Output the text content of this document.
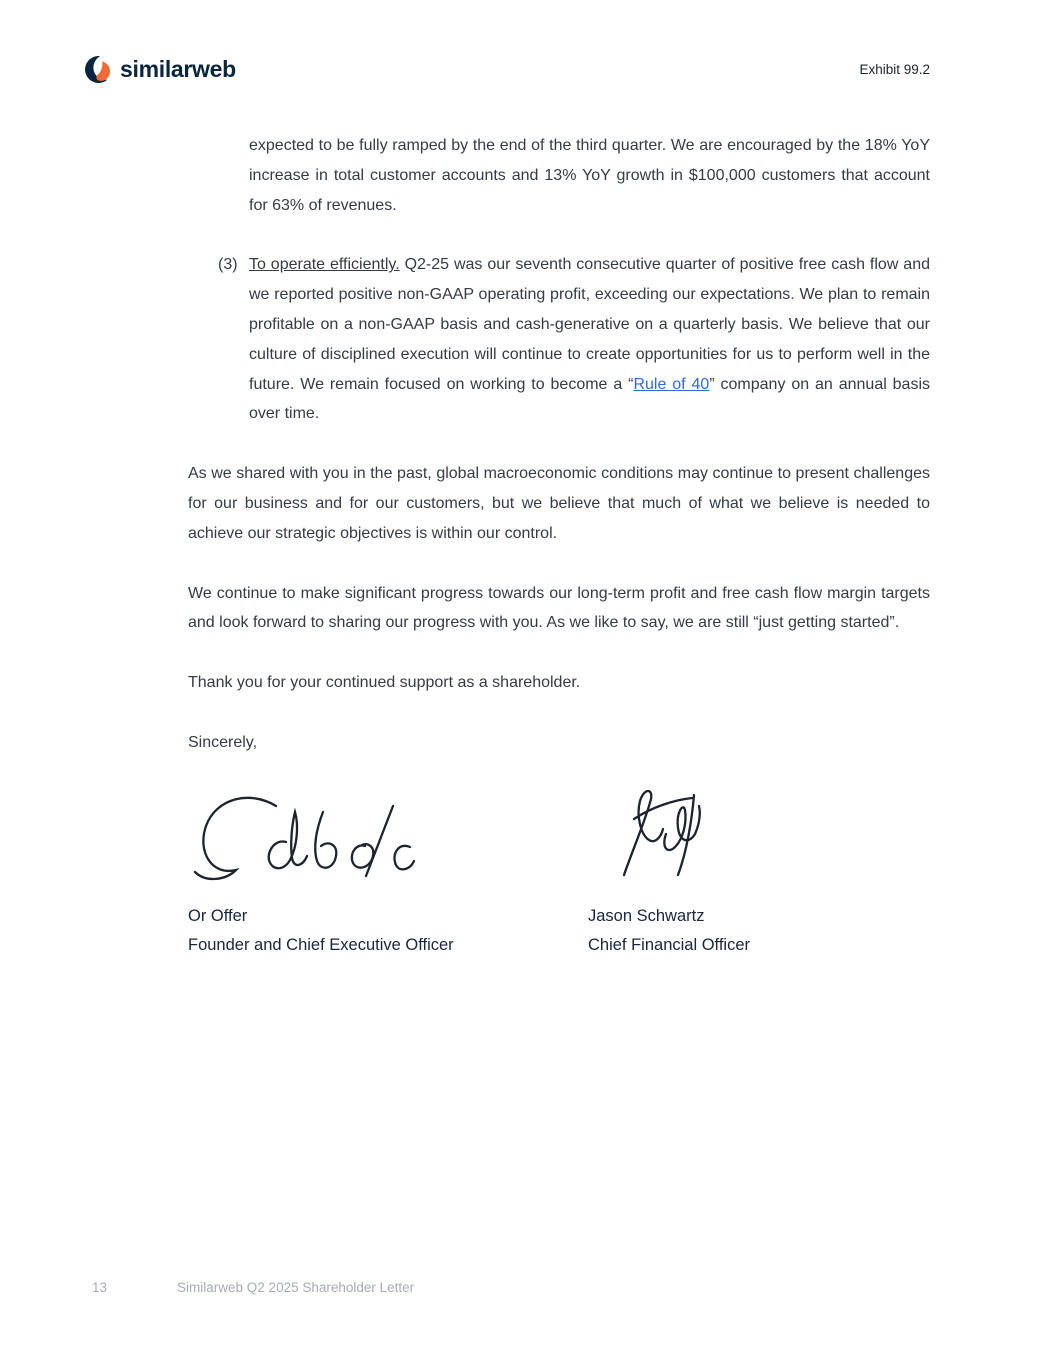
similarweb	Exhibit 99.2

expected to be fully ramped by the end of the third quarter. We are encouraged by the 18% YoY increase in total customer accounts and 13% YoY growth in $100,000 customers that account for 63% of revenues.

(3) To operate efficiently. Q2-25 was our seventh consecutive quarter of positive free cash flow and we reported positive non-GAAP operating profit, exceeding our expectations. We plan to remain profitable on a non-GAAP basis and cash-generative on a quarterly basis. We believe that our culture of disciplined execution will continue to create opportunities for us to perform well in the future. We remain focused on working to become a “Rule of 40” company on an annual basis over time.

As we shared with you in the past, global macroeconomic conditions may continue to present challenges for our business and for our customers, but we believe that much of what we believe is needed to achieve our strategic objectives is within our control.

We continue to make significant progress towards our long-term profit and free cash flow margin targets and look forward to sharing our progress with you. As we like to say, we are still “just getting started”.

Thank you for your continued support as a shareholder.

Sincerely,

Or Offer
Founder and Chief Executive Officer
Jason Schwartz
Chief Financial Officer
13	Similarweb Q2 2025 Shareholder Letter
